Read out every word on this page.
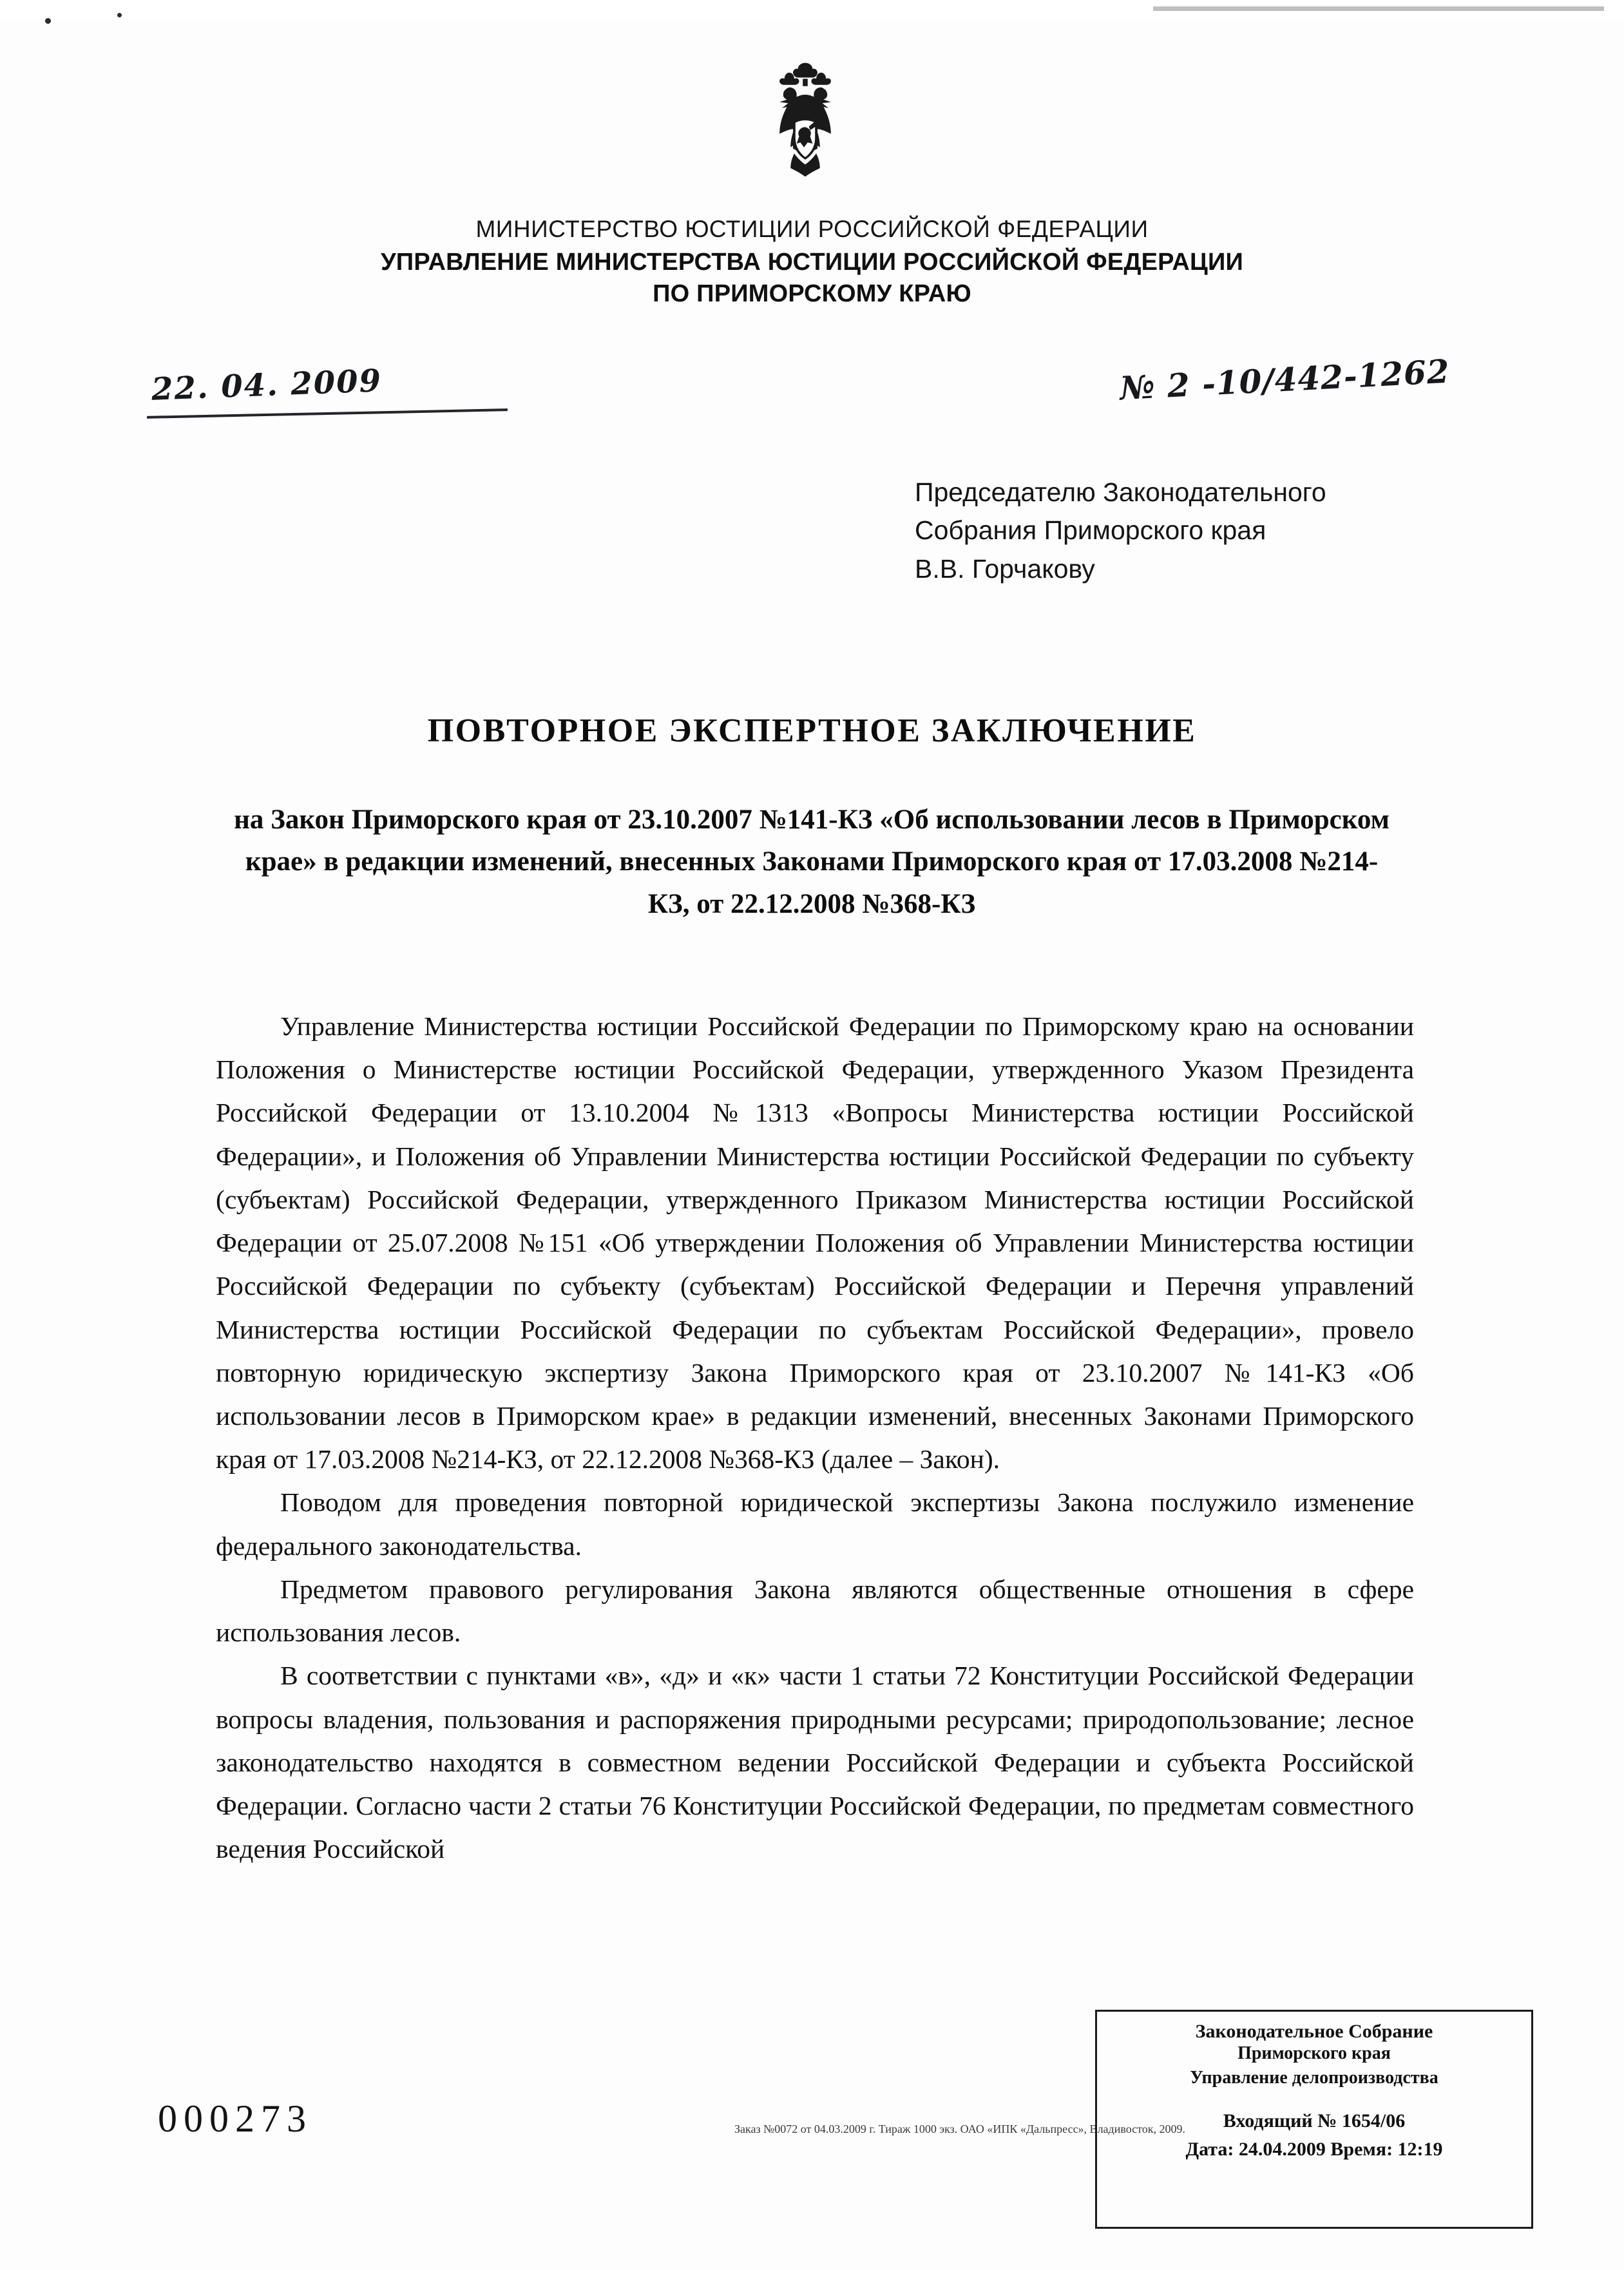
МИНИСТЕРСТВО ЮСТИЦИИ РОССИЙСКОЙ ФЕДЕРАЦИИ
УПРАВЛЕНИЕ МИНИСТЕРСТВА ЮСТИЦИИ РОССИЙСКОЙ ФЕДЕРАЦИИ
ПО ПРИМОРСКОМУ КРАЮ
22. 04. 2009	№ 2 -10/442-1262
Председателю Законодательного
Собрания Приморского края
В.В. Горчакову
ПОВТОРНОЕ ЭКСПЕРТНОЕ ЗАКЛЮЧЕНИЕ
на Закон Приморского края от 23.10.2007 №141-КЗ «Об использовании лесов в Приморском крае» в редакции изменений, внесенных Законами Приморского края от 17.03.2008 №214-КЗ, от 22.12.2008 №368-КЗ

Управление Министерства юстиции Российской Федерации по Приморскому краю на основании Положения о Министерстве юстиции Российской Федерации, утвержденного Указом Президента Российской Федерации от 13.10.2004 №1313 «Вопросы Министерства юстиции Российской Федерации», и Положения об Управлении Министерства юстиции Российской Федерации по субъекту (субъектам) Российской Федерации, утвержденного Приказом Министерства юстиции Российской Федерации от 25.07.2008 №151 «Об утверждении Положения об Управлении Министерства юстиции Российской Федерации по субъекту (субъектам) Российской Федерации и Перечня управлений Министерства юстиции Российской Федерации по субъектам Российской Федерации», провело повторную юридическую экспертизу Закона Приморского края от 23.10.2007 №141-КЗ «Об использовании лесов в Приморском крае» в редакции изменений, внесенных Законами Приморского края от 17.03.2008 №214-КЗ, от 22.12.2008 №368-КЗ (далее – Закон).

Поводом для проведения повторной юридической экспертизы Закона послужило изменение федерального законодательства.

Предметом правового регулирования Закона являются общественные отношения в сфере использования лесов.

В соответствии с пунктами «в», «д» и «к» части 1 статьи 72 Конституции Российской Федерации вопросы владения, пользования и распоряжения природными ресурсами; природопользование; лесное законодательство находятся в совместном ведении Российской Федерации и субъекта Российской Федерации. Согласно части 2 статьи 76 Конституции Российской Федерации, по предметам совместного ведения Российской

000273	Заказ №0072 от 04.03.2009 г. Тираж 1000 экз. ОАО «ИПК «Дальпресс», Владивосток, 2009.
Законодательное Собрание
Приморского края
Управление делопроизводства
Входящий № 1654/06
Дата: 24.04.2009 Время: 12:19
